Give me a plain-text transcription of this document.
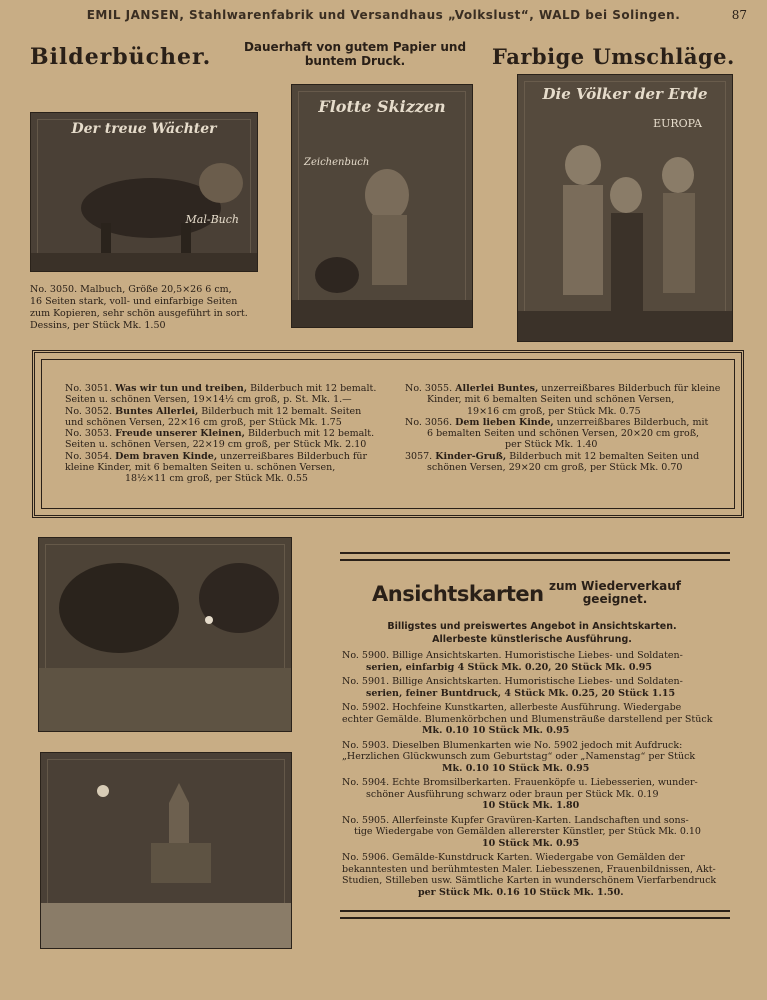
EMIL JANSEN, Stahlwarenfabrik und Versandhaus „Volkslust“, WALD bei Solingen.	87
Bilderbücher.	Dauerhaft von gutem Papier und
buntem Druck.	Farbige Umschläge.
Der treue Wächter
Mal-Buch
Flotte Skizzen
Zeichenbuch
Die Völker der Erde
EUROPA
No. 3050. Malbuch, Größe 20,5×26 6 cm,
16 Seiten stark, voll- und einfarbige Seiten
zum Kopieren, sehr schön ausgeführt in sort.
Dessins, per Stück Mk. 1.50
No. 3051. Was wir tun und treiben, Bilderbuch mit 12 bemalt.
Seiten u. schönen Versen, 19×14½ cm groß, p. St. Mk. 1.—
No. 3052. Buntes Allerlei, Bilderbuch mit 12 bemalt. Seiten
und schönen Versen, 22×16 cm groß, per Stück Mk. 1.75
No. 3053. Freude unserer Kleinen, Bilderbuch mit 12 bemalt.
Seiten u. schönen Versen, 22×19 cm groß, per Stück Mk. 2.10
No. 3054. Dem braven Kinde, unzerreißbares Bilderbuch für
kleine Kinder, mit 6 bemalten Seiten u. schönen Versen,
18½×11 cm groß, per Stück Mk. 0.55
No. 3055. Allerlei Buntes, unzerreißbares Bilderbuch für kleine
Kinder, mit 6 bemalten Seiten und schönen Versen,
19×16 cm groß, per Stück Mk. 0.75
No. 3056. Dem lieben Kinde, unzerreißbares Bilderbuch, mit
6 bemalten Seiten und schönen Versen, 20×20 cm groß,
per Stück Mk. 1.40
3057. Kinder-Gruß, Bilderbuch mit 12 bemalten Seiten und
schönen Versen, 29×20 cm groß, per Stück Mk. 0.70
Ansichtskarten zum Wiederverkauf
geeignet.
Billigstes und preiswertes Angebot in Ansichtskarten.
Allerbeste künstlerische Ausführung.
No. 5900. Billige Ansichtskarten. Humoristische Liebes- und Soldaten-
serien, einfarbig 4 Stück Mk. 0.20, 20 Stück Mk. 0.95
No. 5901. Billige Ansichtskarten. Humoristische Liebes- und Soldaten-
serien, feiner Buntdruck, 4 Stück Mk. 0.25, 20 Stück 1.15
No. 5902. Hochfeine Kunstkarten, allerbeste Ausführung. Wiedergabe
echter Gemälde. Blumenkörbchen und Blumensträuße darstellend per Stück
Mk. 0.10 10 Stück Mk. 0.95
No. 5903. Dieselben Blumenkarten wie No. 5902 jedoch mit Aufdruck:
„Herzlichen Glückwunsch zum Geburtstag“ oder „Namenstag“ per Stück
Mk. 0.10 10 Stück Mk. 0.95
No. 5904. Echte Bromsilberkarten. Frauenköpfe u. Liebesserien, wunder-
schöner Ausführung schwarz oder braun per Stück Mk. 0.19
10 Stück Mk. 1.80
No. 5905. Allerfeinste Kupfer Gravüren-Karten. Landschaften und sons-
tige Wiedergabe von Gemälden allererster Künstler, per Stück Mk. 0.10
10 Stück Mk. 0.95
No. 5906. Gemälde-Kunstdruck Karten. Wiedergabe von Gemälden der
bekanntesten und berühmtesten Maler. Liebesszenen, Frauenbildnissen, Akt-
Studien, Stilleben usw. Sämtliche Karten in wunderschönem Vierfarbendruck
per Stück Mk. 0.16 10 Stück Mk. 1.50.
